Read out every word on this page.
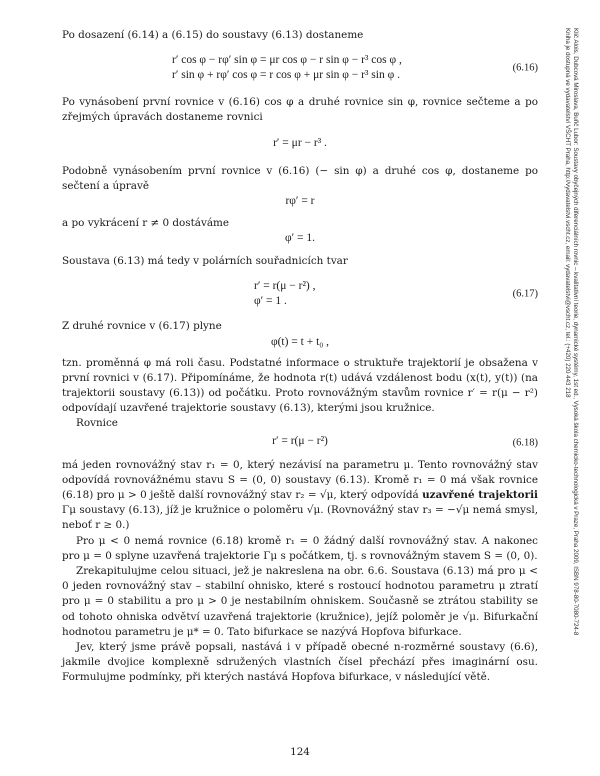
Po dosazení (6.14) a (6.15) do soustavy (6.13) dostaneme

r′ cos φ − rφ′ sin φ = μr cos φ − r sin φ − r³ cos φ ,
r′ sin φ + rφ′ cos φ = r cos φ + μr sin φ − r³ sin φ .
(6.16)

Po vynásobení první rovnice v (6.16) cos φ a druhé rovnice sin φ, rovnice sečteme a po zřejmých úpravách dostaneme rovnici

r′ = μr − r³ .

Podobně vynásobením první rovnice v (6.16) (− sin φ) a druhé cos φ, dostaneme po sečtení a úpravě

rφ′ = r

a po vykrácení r ≠ 0 dostáváme

φ′ = 1.

Soustava (6.13) má tedy v polárních souřadnicích tvar

r′ = r(μ − r²) ,
φ′ = 1 .
(6.17)

Z druhé rovnice v (6.17) plyne

φ(t) = t + t₀ ,

tzn. proměnná φ má roli času. Podstatné informace o struktuře trajektorií je obsažena v první rovnici v (6.17). Připomínáme, že hodnota r(t) udává vzdálenost bodu (x(t), y(t)) (na trajektorii soustavy (6.13)) od počátku. Proto rovnovážným stavům rovnice r′ = r(μ − r²) odpovídají uzavřené trajektorie soustavy (6.13), kterými jsou kružnice.

Rovnice

r′ = r(μ − r²)	(6.18)

má jeden rovnovážný stav r₁ = 0, který nezávisí na parametru μ. Tento rovnovážný stav odpovídá rovnovážnému stavu S = (0, 0) soustavy (6.13). Kromě r₁ = 0 má však rovnice (6.18) pro μ > 0 ještě další rovnovážný stav r₂ = √μ, který odpovídá uzavřené trajektorii Γμ soustavy (6.13), jíž je kružnice o poloměru √μ. (Rovnovážný stav r₃ = −√μ nemá smysl, neboť r ≥ 0.)

Pro μ < 0 nemá rovnice (6.18) kromě r₁ = 0 žádný další rovnovážný stav. A nakonec pro μ = 0 splyne uzavřená trajektorie Γμ s počátkem, tj. s rovnovážným stavem S = (0, 0).

Zrekapitulujme celou situaci, jež je nakreslena na obr. 6.6. Soustava (6.13) má pro μ < 0 jeden rovnovážný stav – stabilní ohnisko, které s rostoucí hodnotou parametru μ ztratí pro μ = 0 stabilitu a pro μ > 0 je nestabilním ohniskem. Současně se ztrátou stability se od tohoto ohniska odvětví uzavřená trajektorie (kružnice), jejíž poloměr je √μ. Bifurkační hodnotou parametru je μ* = 0. Tato bifurkace se nazývá Hopfova bifurkace.

Jev, který jsme právě popsali, nastává i v případě obecné n-rozměrné soustavy (6.6), jakmile dvojice komplexně sdružených vlastních čísel přechází přes imaginární osu. Formulujme podmínky, při kterých nastává Hopfova bifurkace, v následující větě.

124
Klič Alois, Dubcová Miroslava, Buřič Lubor: Soustavy obyčejných diferenciálních rovnic – kvalitativní teorie, dynamické systémy, 1st ed., Vysoká škola chemicko-technologická v Praze, Praha 2009, ISBN 978-80-7080-724-8
Kniha je dostupná ve vydavatelství VŠCHT Praha, http://vydavatelstvi.vscht.cz, email: vydavatelstvi@vscht.cz, tel.: (+420) 220 443 218
